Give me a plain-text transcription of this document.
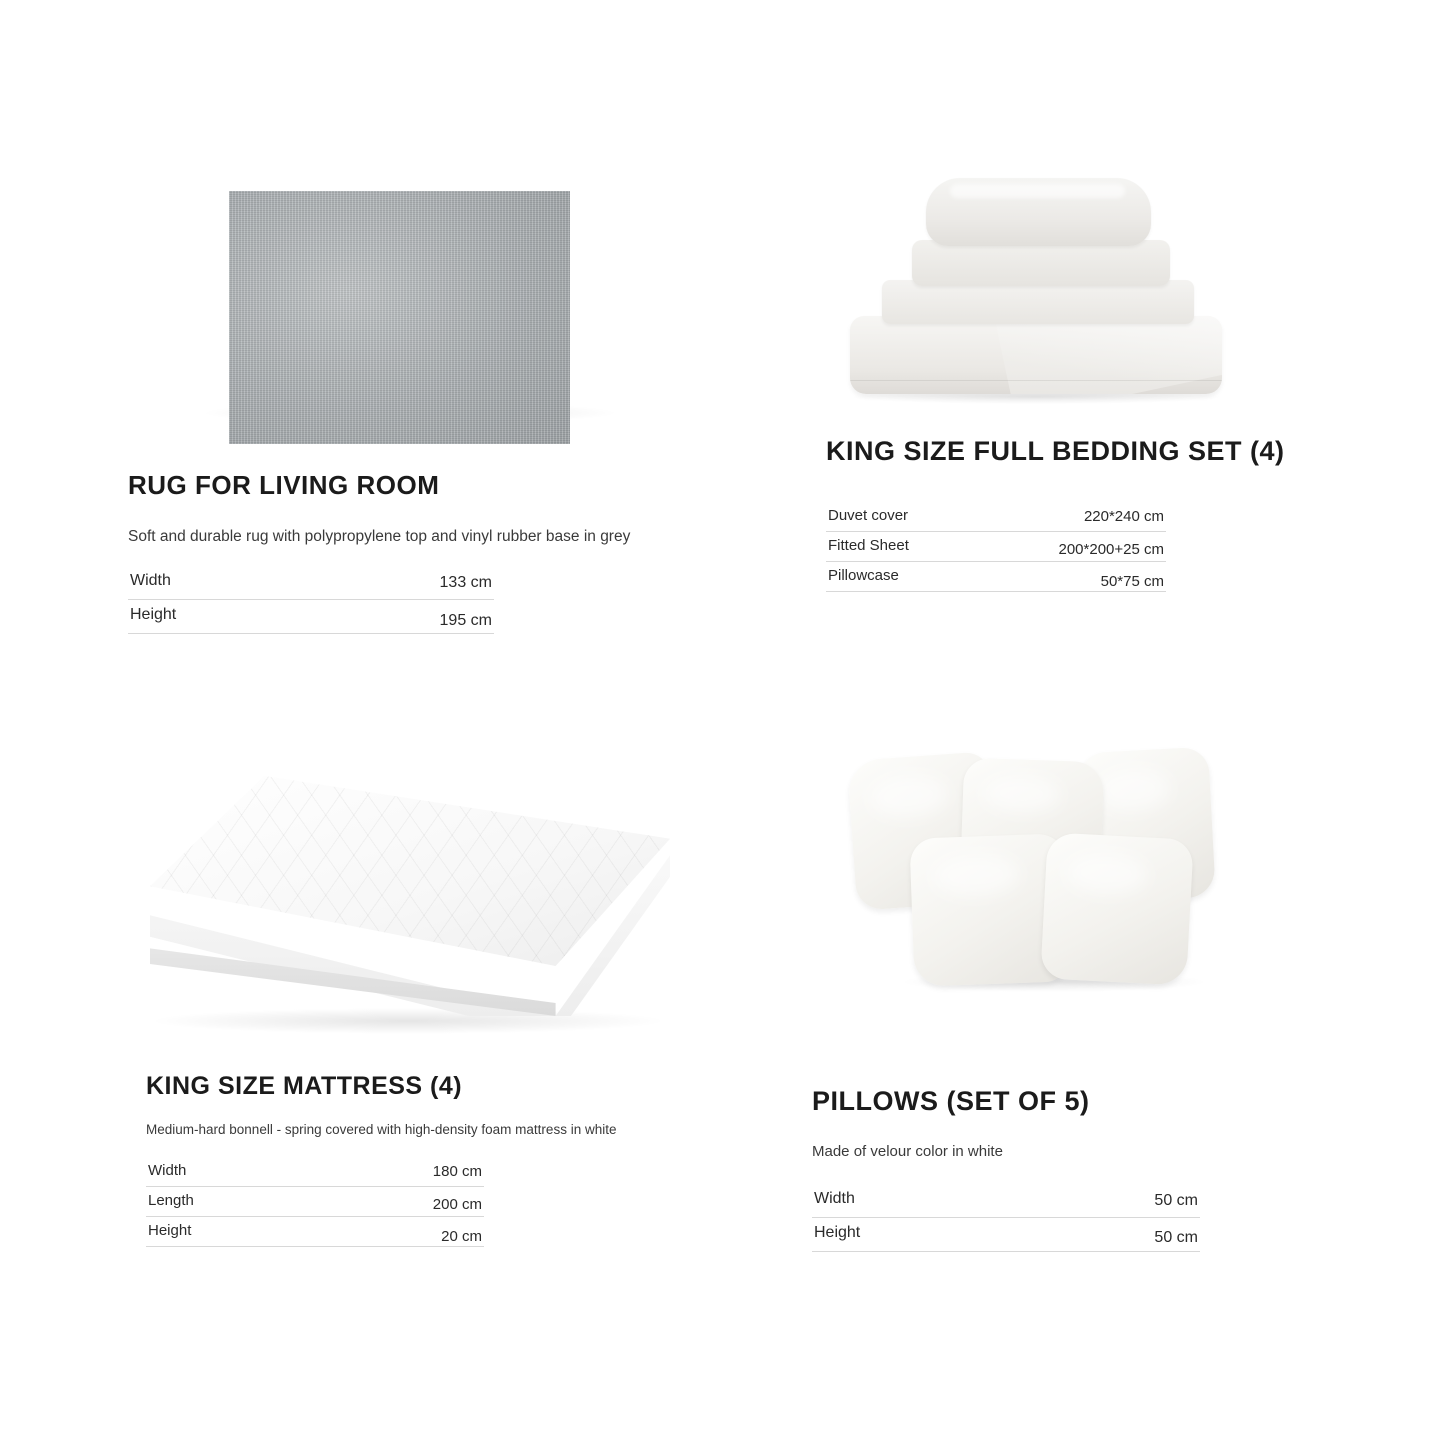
RUG FOR LIVING ROOM

Soft and durable rug with polypropylene top and vinyl rubber base in grey

Width	133 cm
Height	195 cm
KING SIZE FULL BEDDING SET (4)
Duvet cover	220*240 cm
Fitted Sheet	200*200+25 cm
Pillowcase	50*75 cm
KING SIZE MATTRESS (4)

Medium-hard bonnell - spring covered with high-density foam mattress in white

Width	180 cm
Length	200 cm
Height	20 cm
PILLOWS (SET OF 5)

Made of velour color in white

Width	50 cm
Height	50 cm
